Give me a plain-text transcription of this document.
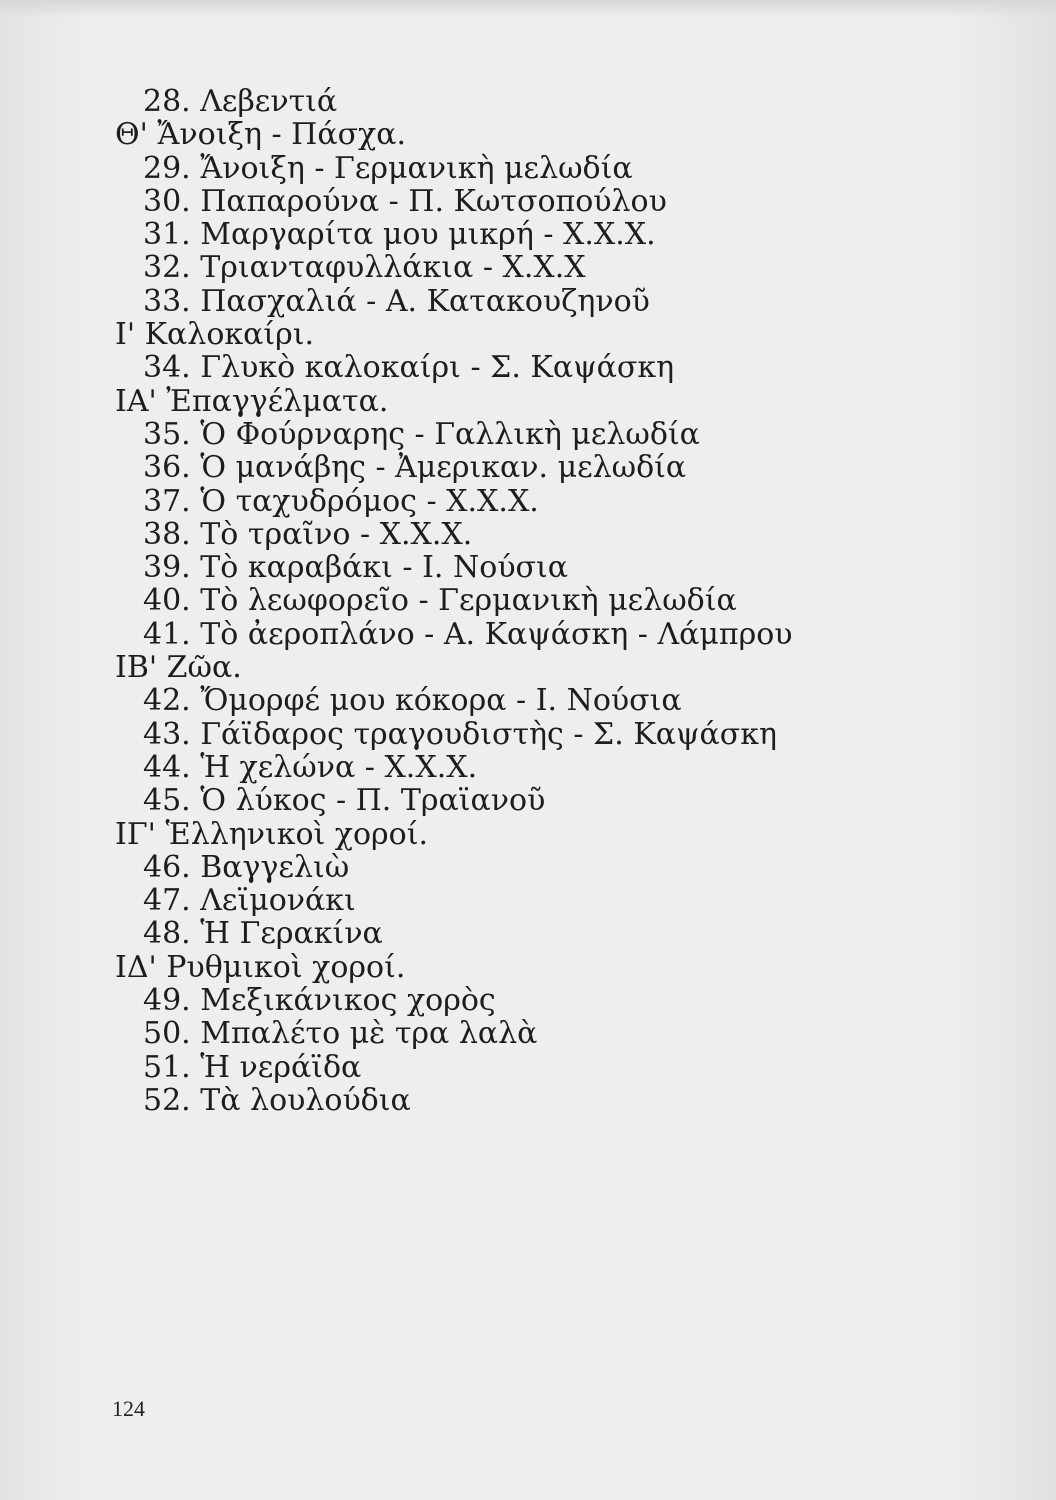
28. Λεβεντιά
Θ' Ἄνοιξη - Πάσχα.
29. Ἄνοιξη - Γερμανικὴ μελωδία
30. Παπαρούνα - Π. Κωτσοπούλου
31. Μαργαρίτα μου μικρή - Χ.Χ.Χ.
32. Τριανταφυλλάκια - Χ.Χ.Χ
33. Πασχαλιά - Α. Κατακουζηνοῦ
Ι' Καλοκαίρι.
34. Γλυκὸ καλοκαίρι - Σ. Καψάσκη
ΙΑ' Ἐπαγγέλματα.
35. Ὁ Φούρναρης - Γαλλικὴ μελωδία
36. Ὁ μανάβης - Ἀμερικαν. μελωδία
37. Ὁ ταχυδρόμος - Χ.Χ.Χ.
38. Τὸ τραῖνο - Χ.Χ.Χ.
39. Τὸ καραβάκι - Ι. Νούσια
40. Τὸ λεωφορεῖο - Γερμανικὴ μελωδία
41. Τὸ ἀεροπλάνο - Α. Καψάσκη - Λάμπρου
ΙΒ' Ζῶα.
42. Ὄμορφέ μου κόκορα - Ι. Νούσια
43. Γάϊδαρος τραγουδιστὴς - Σ. Καψάσκη
44. Ἡ χελώνα - Χ.Χ.Χ.
45. Ὁ λύκος - Π. Τραϊανοῦ
ΙΓ' Ἑλληνικοὶ χοροί.
46. Βαγγελιὼ
47. Λεϊμονάκι
48. Ἡ Γερακίνα
ΙΔ' Ρυθμικοὶ χοροί.
49. Μεξικάνικος χορὸς
50. Μπαλέτο μὲ τρα λαλὰ
51. Ἡ νεράϊδα
52. Τὰ λουλούδια
124
